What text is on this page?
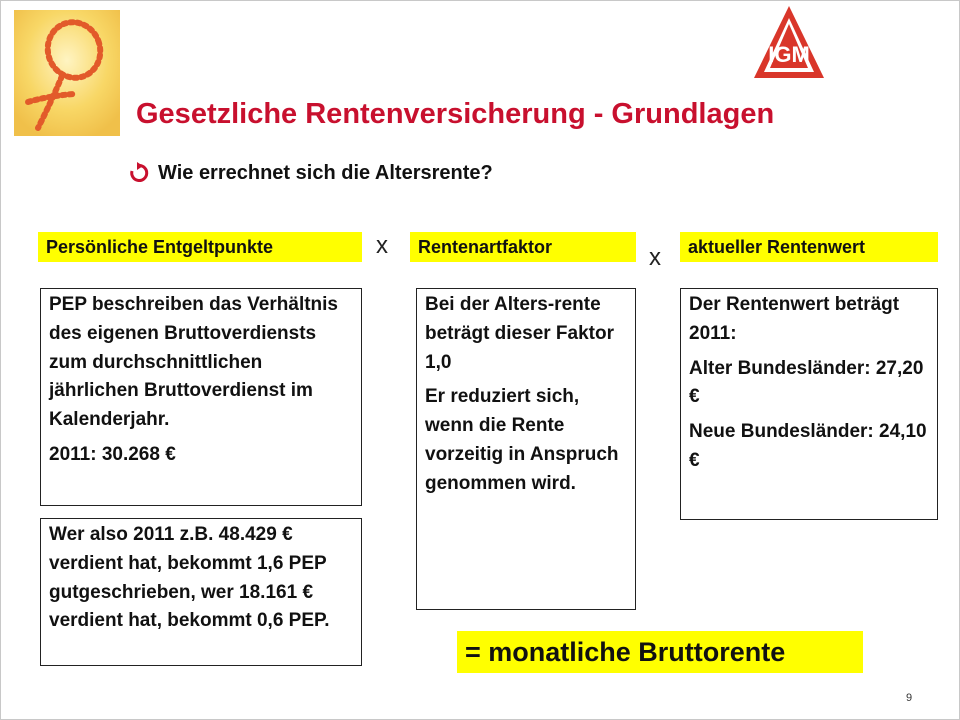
IGM
Gesetzliche Rentenversicherung - Grundlagen
Wie errechnet sich die Altersrente?
Persönliche Entgeltpunkte	x	Rentenartfaktor	x	aktueller Rentenwert

PEP beschreiben das Verhältnis des eigenen Bruttoverdiensts zum durchschnittlichen jährlichen Bruttoverdienst im Kalenderjahr.

2011: 30.268 €

Wer also 2011 z.B. 48.429 € verdient hat, bekommt 1,6 PEP gutgeschrieben, wer 18.161 € verdient hat, bekommt 0,6 PEP.

Bei der Alters-rente beträgt dieser Faktor 1,0

Er reduziert sich, wenn die Rente vorzeitig in Anspruch genommen wird.

Der Rentenwert beträgt 2011:

Alter Bundesländer: 27,20 €

Neue Bundesländer: 24,10 €

= monatliche Bruttorente
9
